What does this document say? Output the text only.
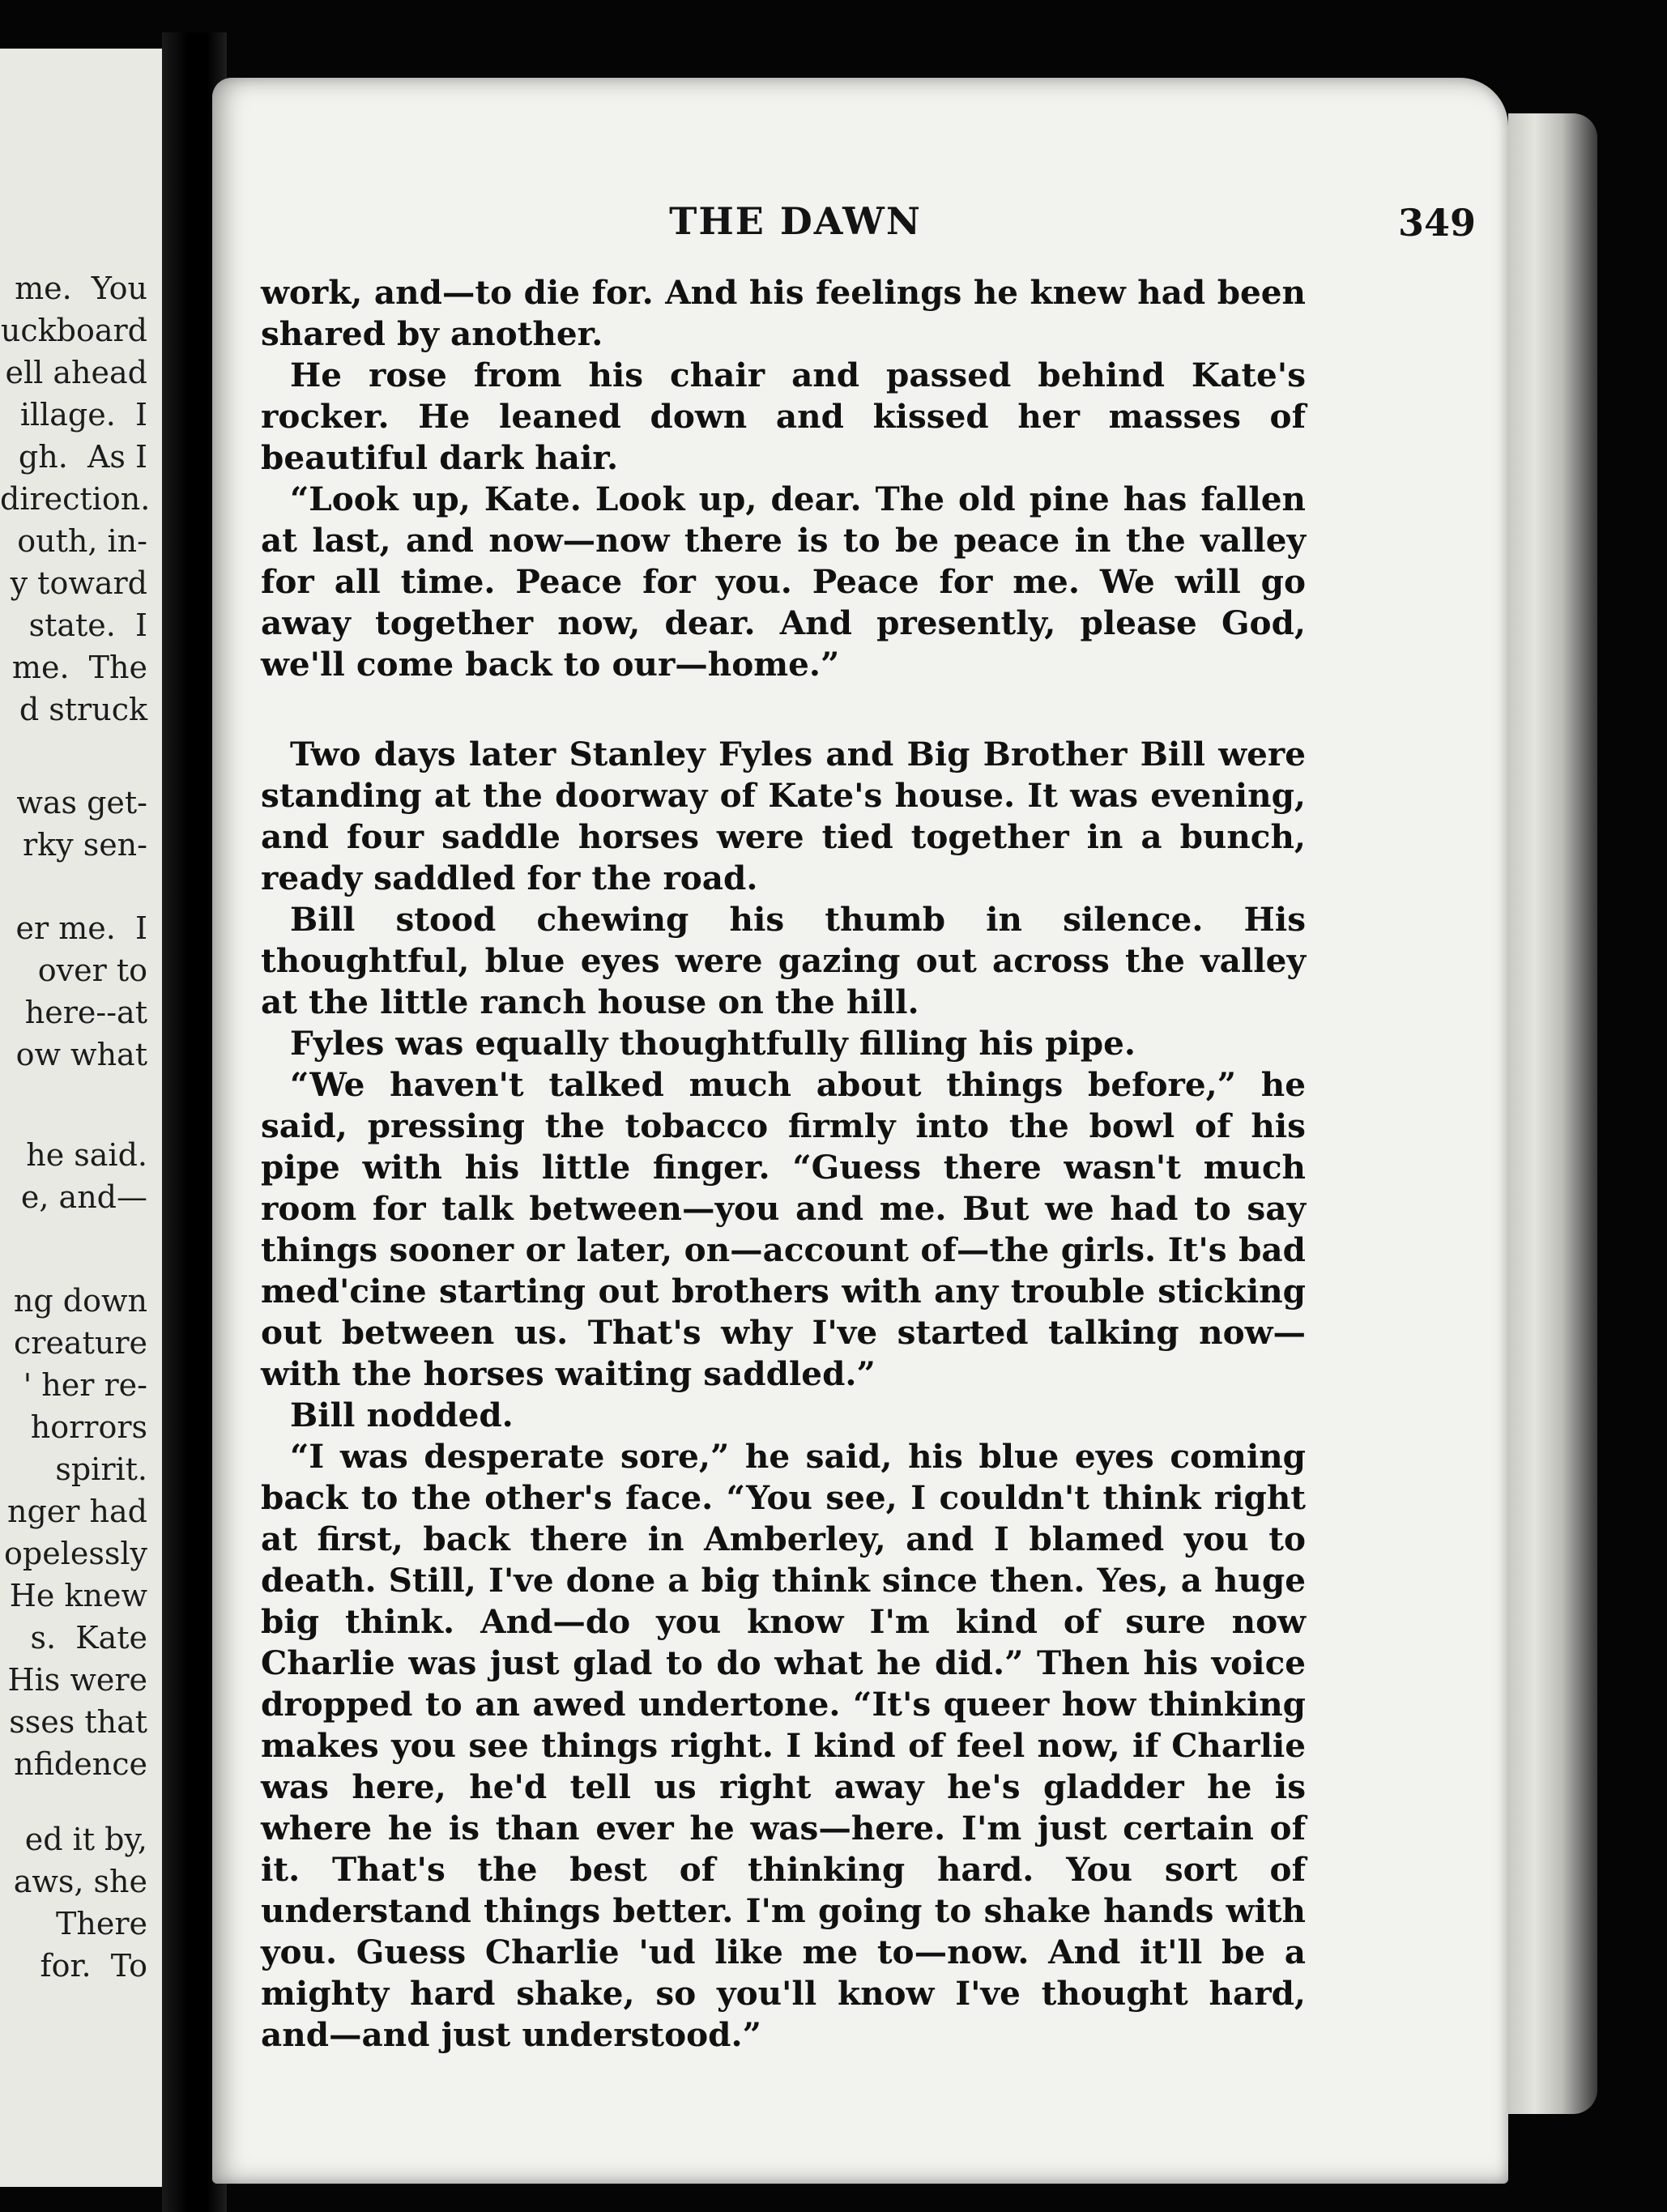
me.  You
uckboard
ell ahead
illage.  I
gh.  As I
direction.
outh, in-
y toward
state.  I
me.  The
d struck
was get-
rky sen-
er me.  I
over to
here--at
ow what
he said.
e, and—
ng down
creature
' her re-
horrors
spirit.
nger had
opelessly
He knew
s.  Kate
His were
sses that
nfidence
ed it by,
aws, she
There
for.  To
THE DAWN	349

work, and—to die for. And his feelings he knew had been shared by another.

He rose from his chair and passed behind Kate's rocker. He leaned down and kissed her masses of beautiful dark hair.

“Look up, Kate. Look up, dear. The old pine has fallen at last, and now—now there is to be peace in the valley for all time. Peace for you. Peace for me. We will go away together now, dear. And presently, please God, we'll come back to our—home.”

Two days later Stanley Fyles and Big Brother Bill were standing at the doorway of Kate's house. It was evening, and four saddle horses were tied together in a bunch, ready saddled for the road.

Bill stood chewing his thumb in silence. His thoughtful, blue eyes were gazing out across the valley at the little ranch house on the hill.

Fyles was equally thoughtfully filling his pipe.

“We haven't talked much about things before,” he said, pressing the tobacco firmly into the bowl of his pipe with his little finger. “Guess there wasn't much room for talk between—you and me. But we had to say things sooner or later, on—account of—the girls. It's bad med'cine starting out brothers with any trouble sticking out between us. That's why I've started talking now—with the horses waiting saddled.”

Bill nodded.

“I was desperate sore,” he said, his blue eyes coming back to the other's face. “You see, I couldn't think right at first, back there in Amberley, and I blamed you to death. Still, I've done a big think since then. Yes, a huge big think. And—do you know I'm kind of sure now Charlie was just glad to do what he did.” Then his voice dropped to an awed undertone. “It's queer how thinking makes you see things right. I kind of feel now, if Charlie was here, he'd tell us right away he's gladder he is where he is than ever he was—here. I'm just certain of it. That's the best of thinking hard. You sort of understand things better. I'm going to shake hands with you. Guess Charlie 'ud like me to—now. And it'll be a mighty hard shake, so you'll know I've thought hard, and—and just understood.”
